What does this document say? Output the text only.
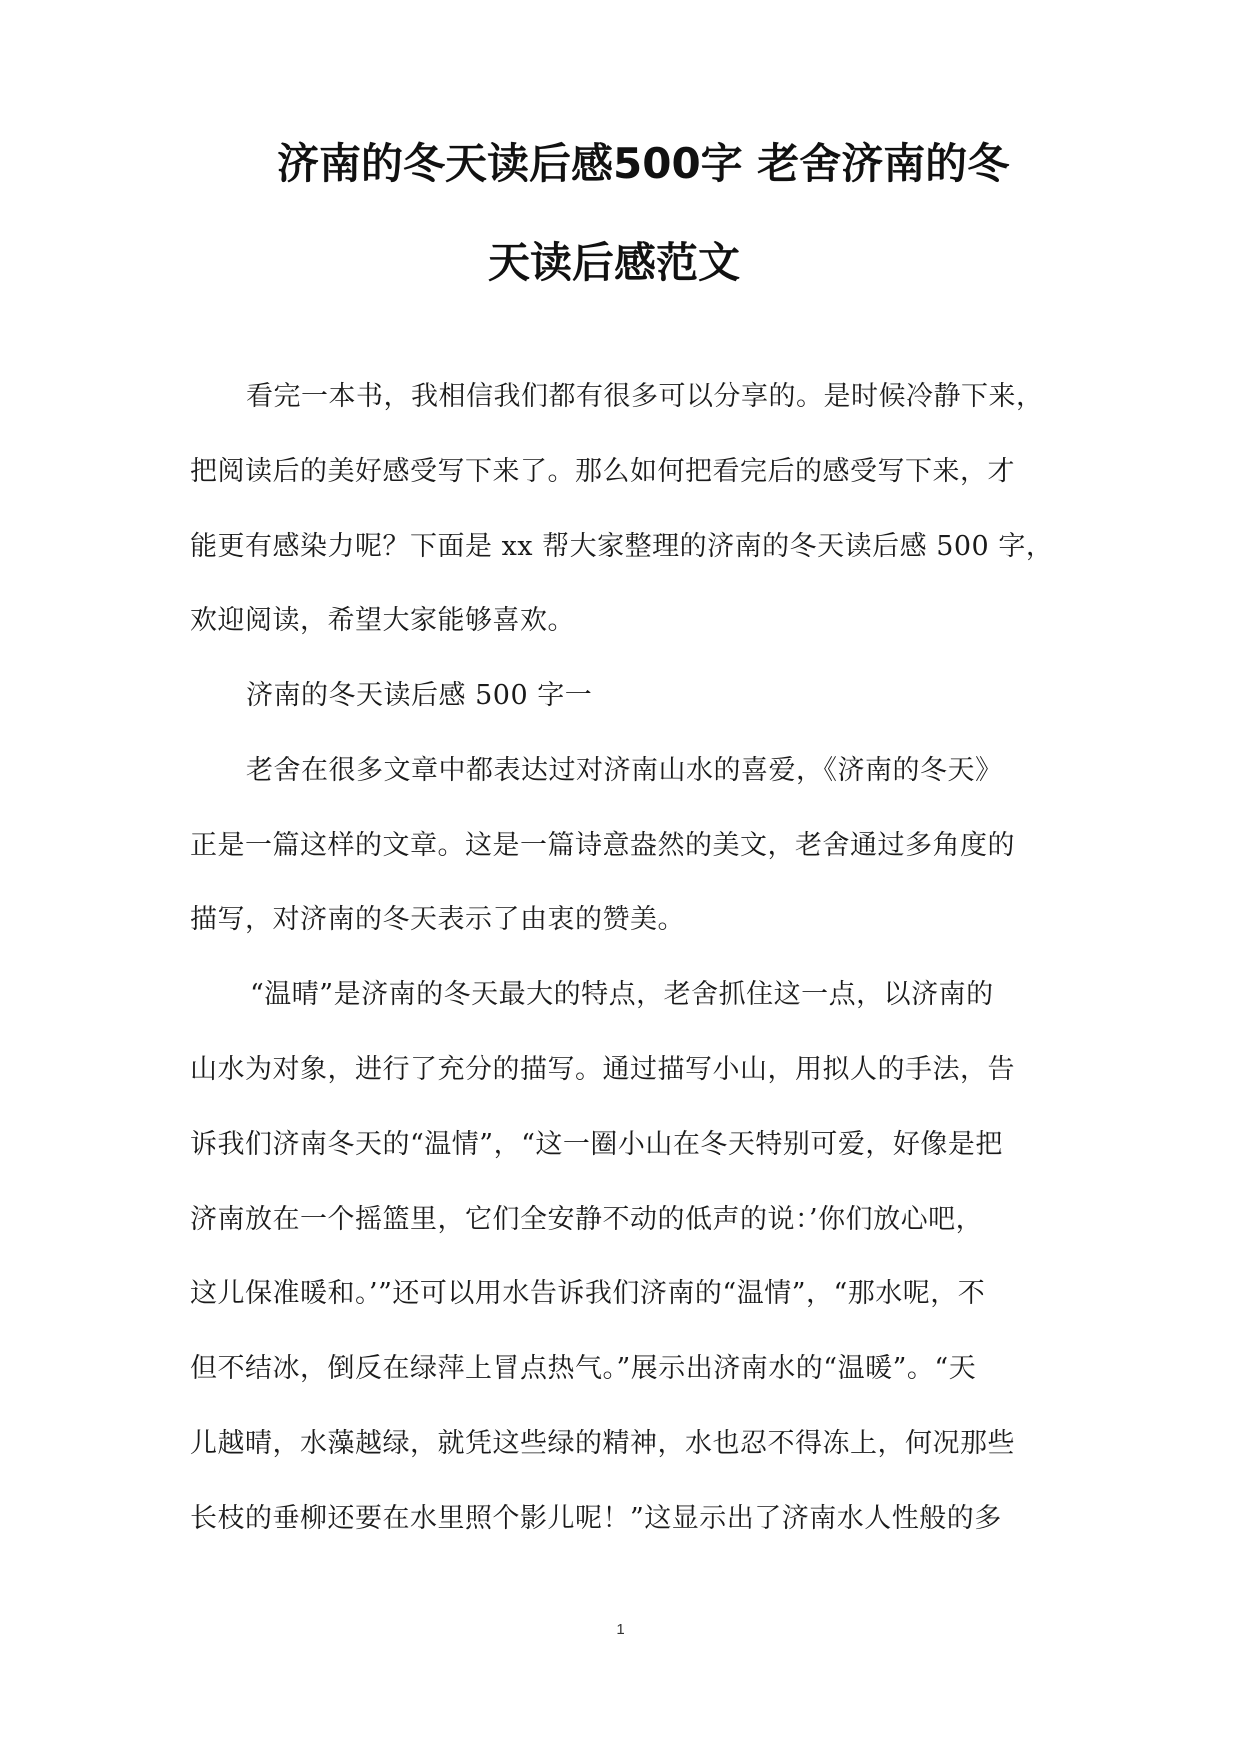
济南的冬天读后感500字 老舍济南的冬
天读后感范文

看完一本书，我相信我们都有很多可以分享的。是时候冷静下来，

把阅读后的美好感受写下来了。那么如何把看完后的感受写下来，才

能更有感染力呢？下面是 xx 帮大家整理的济南的冬天读后感 500 字，

欢迎阅读，希望大家能够喜欢。

济南的冬天读后感 500 字一

老舍在很多文章中都表达过对济南山水的喜爱，《济南的冬天》

正是一篇这样的文章。这是一篇诗意盎然的美文，老舍通过多角度的

描写，对济南的冬天表示了由衷的赞美。

“温晴”是济南的冬天最大的特点，老舍抓住这一点，以济南的

山水为对象，进行了充分的描写。通过描写小山，用拟人的手法，告

诉我们济南冬天的“温情”，“这一圈小山在冬天特别可爱，好像是把

济南放在一个摇篮里，它们全安静不动的低声的说：’你们放心吧，

这儿保准暖和。’”还可以用水告诉我们济南的“温情”，“那水呢，不

但不结冰，倒反在绿萍上冒点热气。”展示出济南水的“温暖”。“天

儿越晴，水藻越绿，就凭这些绿的精神，水也忍不得冻上，何况那些

长枝的垂柳还要在水里照个影儿呢！”这显示出了济南水人性般的多

1
